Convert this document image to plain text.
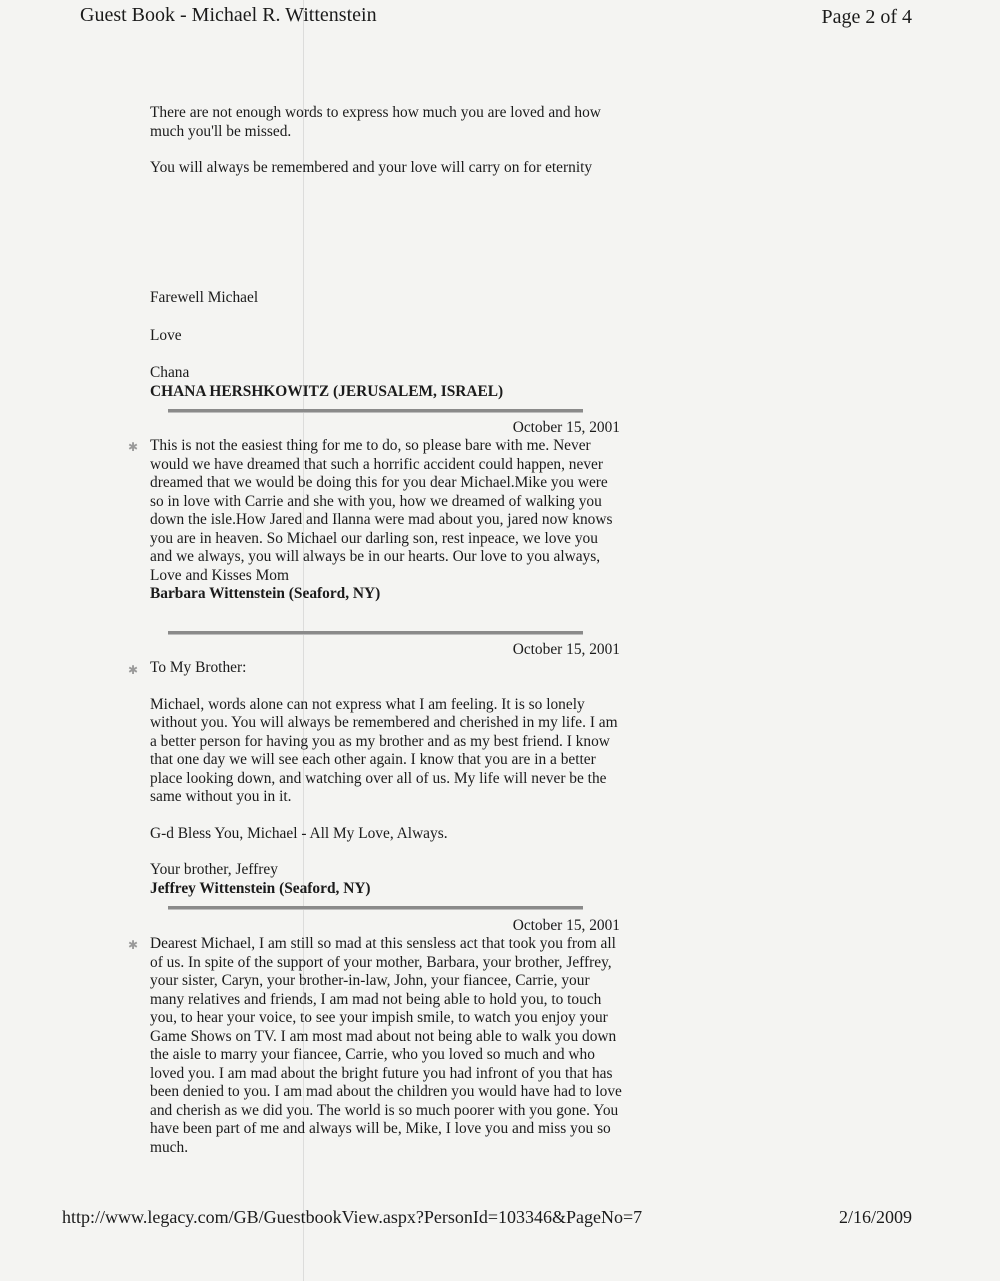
Guest Book - Michael R. Wittenstein	Page 2 of 4

There are not enough words to express how much you are loved and how much you'll be missed.

You will always be remembered and your love will carry on for eternity

Farewell Michael

Love

Chana

CHANA HERSHKOWITZ (JERUSALEM, ISRAEL)

October 15, 2001
✱ This is not the easiest thing for me to do, so please bare with me. Never would we have dreamed that such a horrific accident could happen, never dreamed that we would be doing this for you dear Michael.Mike you were so in love with Carrie and she with you, how we dreamed of walking you down the isle.How Jared and Ilanna were mad about you, jared now knows you are in heaven. So Michael our darling son, rest inpeace, we love you and we always, you will always be in our hearts. Our love to you always, Love and Kisses Mom

Barbara Wittenstein (Seaford, NY)

October 15, 2001
✱ To My Brother:

Michael, words alone can not express what I am feeling. It is so lonely without you. You will always be remembered and cherished in my life. I am a better person for having you as my brother and as my best friend. I know that one day we will see each other again. I know that you are in a better place looking down, and watching over all of us. My life will never be the same without you in it.

G-d Bless You, Michael - All My Love, Always.

Your brother, Jeffrey

Jeffrey Wittenstein (Seaford, NY)

October 15, 2001
✱ Dearest Michael, I am still so mad at this sensless act that took you from all of us. In spite of the support of your mother, Barbara, your brother, Jeffrey, your sister, Caryn, your brother-in-law, John, your fiancee, Carrie, your many relatives and friends, I am mad not being able to hold you, to touch you, to hear your voice, to see your impish smile, to watch you enjoy your Game Shows on TV. I am most mad about not being able to walk you down the aisle to marry your fiancee, Carrie, who you loved so much and who loved you. I am mad about the bright future you had infront of you that has been denied to you. I am mad about the children you would have had to love and cherish as we did you. The world is so much poorer with you gone. You have been part of me and always will be, Mike, I love you and miss you so much.

http://www.legacy.com/GB/GuestbookView.aspx?PersonId=103346&PageNo=7	2/16/2009
